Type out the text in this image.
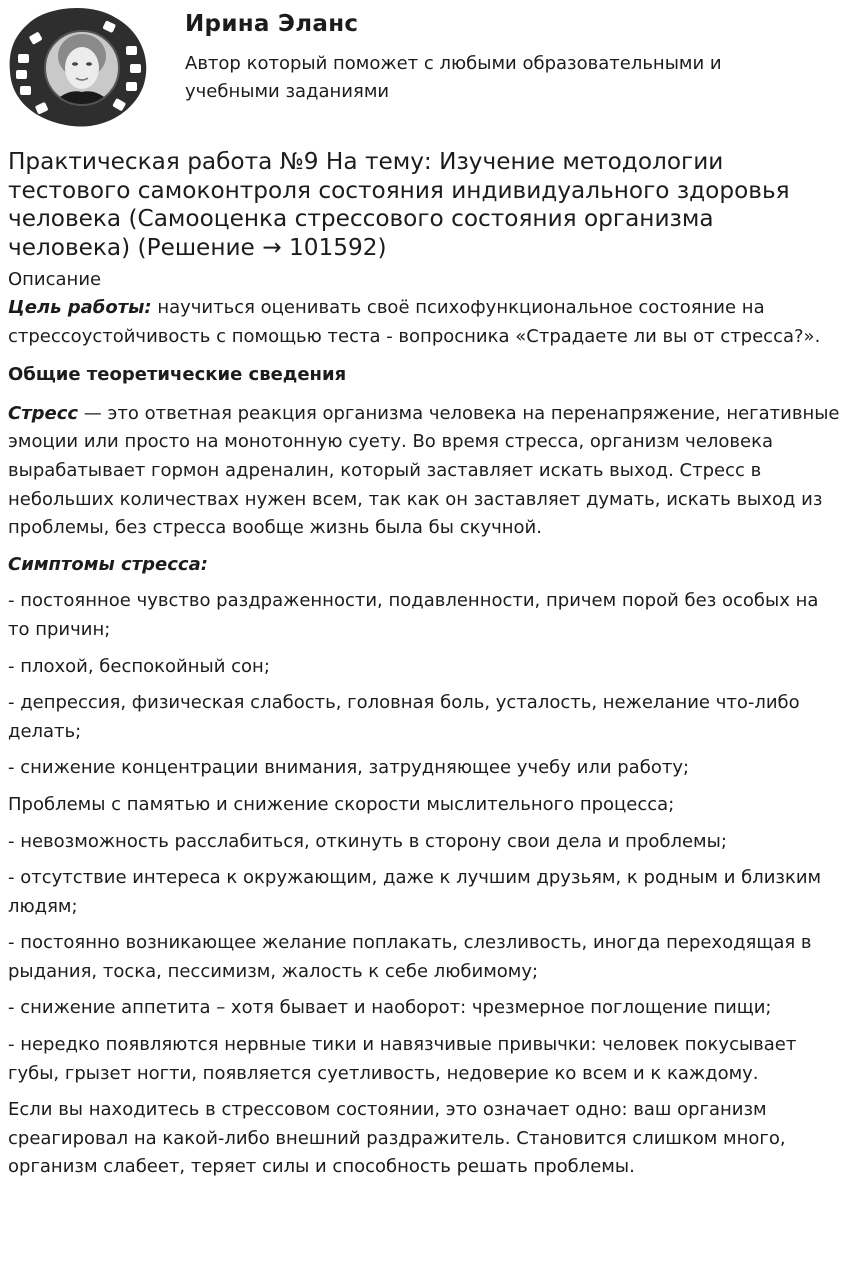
Ирина Эланс
Автор который поможет с любыми образовательными и учебными заданиями
Практическая работа №9 На тему: Изучение методологии тестового самоконтроля состояния индивидуального здоровья человека (Самооценка стрессового состояния организма человека) (Решение → 101592)
Описание

Цель работы: научиться оценивать своё психофункциональное состояние на стрессоустойчивость с помощью теста - вопросника «Страдаете ли вы от стресса?».

Общие теоретические сведения

Стресс — это ответная реакция организма человека на перенапряжение, негативные эмоции или просто на монотонную суету. Во время стресса, организм человека вырабатывает гормон адреналин, который заставляет искать выход. Стресс в небольших количествах нужен всем, так как он заставляет думать, искать выход из проблемы, без стресса вообще жизнь была бы скучной.

Симптомы стресса:

- постоянное чувство раздраженности, подавленности, причем порой без особых на то причин;

- плохой, беспокойный сон;

- депрессия, физическая слабость, головная боль, усталость, нежелание что-либо делать;

- снижение концентрации внимания, затрудняющее учебу или работу;

Проблемы с памятью и снижение скорости мыслительного процесса;

- невозможность расслабиться, откинуть в сторону свои дела и проблемы;

- отсутствие интереса к окружающим, даже к лучшим друзьям, к родным и близким людям;

- постоянно возникающее желание поплакать, слезливость, иногда переходящая в рыдания, тоска, пессимизм, жалость к себе любимому;

- снижение аппетита – хотя бывает и наоборот: чрезмерное поглощение пищи;

- нередко появляются нервные тики и навязчивые привычки: человек покусывает губы, грызет ногти, появляется суетливость, недоверие ко всем и к каждому.

Если вы находитесь в стрессовом состоянии, это означает одно: ваш организм среагировал на какой-либо внешний раздражитель. Становится слишком много, организм слабеет, теряет силы и способность решать проблемы.
